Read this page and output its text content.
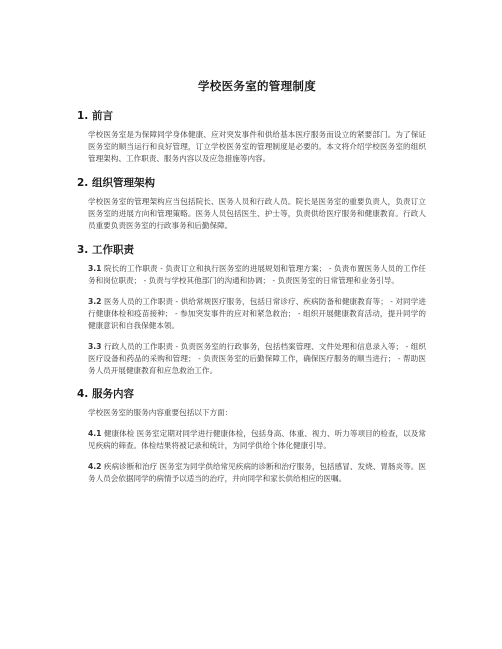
学校医务室的管理制度
1. 前言

学校医务室是为保障同学身体健康、应对突发事件和供给基本医疗服务而设立的紧要部门。为了保证医务室的顺当运行和良好管理，订立学校医务室的管理制度是必要的。本文将介绍学校医务室的组织管理架构、工作职责、服务内容以及应急措施等内容。

2. 组织管理架构

学校医务室的管理架构应当包括院长、医务人员和行政人员。院长是医务室的重要负责人，负责订立医务室的进展方向和管理策略。医务人员包括医生、护士等，负责供给医疗服务和健康教育。行政人员重要负责医务室的行政事务和后勤保障。

3. 工作职责

3.1 院长的工作职责 - 负责订立和执行医务室的进展规划和管理方案； - 负责布置医务人员的工作任务和岗位职责； - 负责与学校其他部门的沟通和协调； - 负责医务室的日常管理和业务引导。

3.2 医务人员的工作职责 - 供给常规医疗服务，包括日常诊疗、疾病防备和健康教育等； - 对同学进行健康体检和疫苗接种； - 参加突发事件的应对和紧急救治； - 组织开展健康教育活动，提升同学的健康意识和自我保健本领。

3.3 行政人员的工作职责 - 负责医务室的行政事务，包括档案管理、文件处理和信息录入等； - 组织医疗设备和药品的采购和管理； - 负责医务室的后勤保障工作，确保医疗服务的顺当进行； - 帮助医务人员开展健康教育和应急救治工作。

4. 服务内容

学校医务室的服务内容重要包括以下方面：

4.1 健康体检 医务室定期对同学进行健康体检，包括身高、体重、视力、听力等项目的检查，以及常见疾病的筛查。体检结果将被记录和统计，为同学供给个体化健康引导。

4.2 疾病诊断和治疗 医务室为同学供给常见疾病的诊断和治疗服务，包括感冒、发烧、胃肠炎等。医务人员会依据同学的病情予以适当的治疗，并向同学和家长供给相应的医嘱。
